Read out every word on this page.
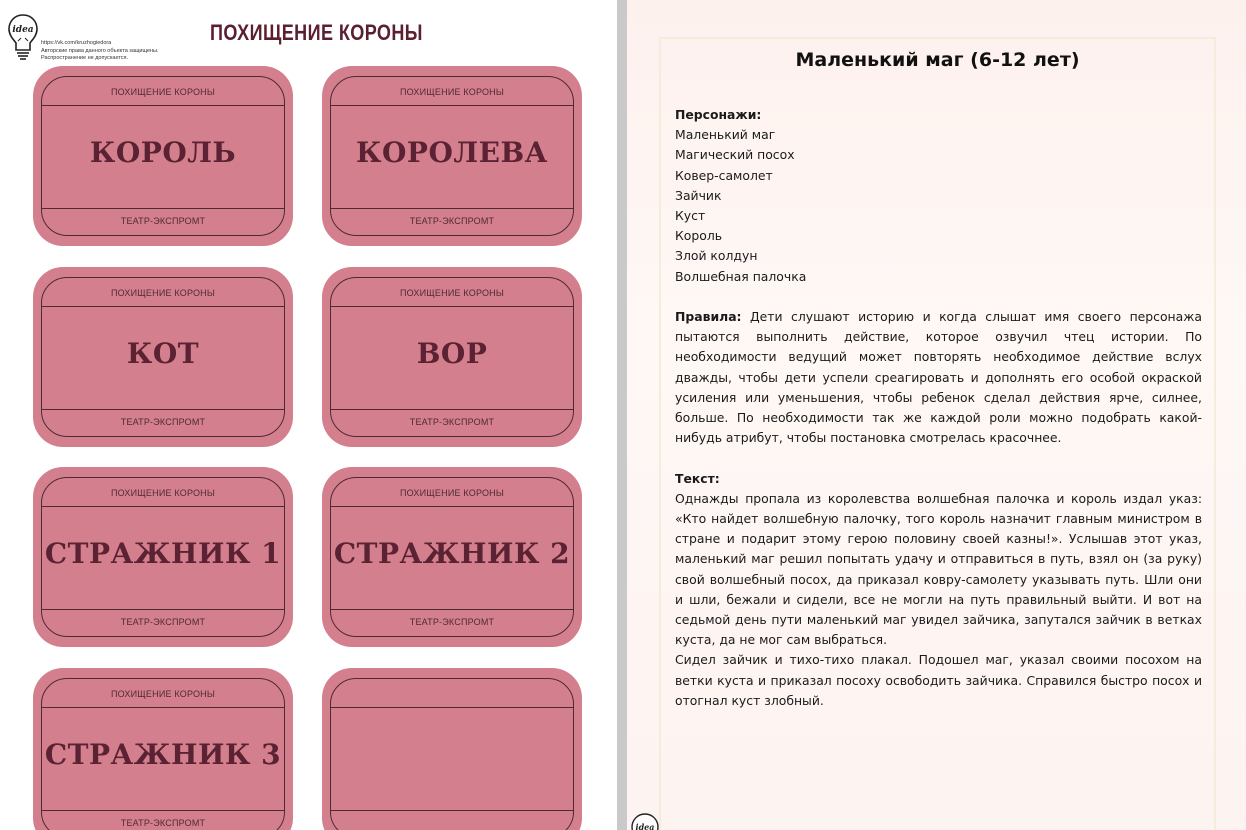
idea
https://vk.com/kruzhogiedora
Авторские права данного объекта защищены.
Распространение не допускается.
ПОХИЩЕНИЕ КОРОНЫ
ПОХИЩЕНИЕ КОРОНЫ
КОРОЛЬ
ТЕАТР-ЭКСПРОМТ
ПОХИЩЕНИЕ КОРОНЫ
КОРОЛЕВА
ТЕАТР-ЭКСПРОМТ
ПОХИЩЕНИЕ КОРОНЫ
КОТ
ТЕАТР-ЭКСПРОМТ
ПОХИЩЕНИЕ КОРОНЫ
ВОР
ТЕАТР-ЭКСПРОМТ
ПОХИЩЕНИЕ КОРОНЫ
СТРАЖНИК 1
ТЕАТР-ЭКСПРОМТ
ПОХИЩЕНИЕ КОРОНЫ
СТРАЖНИК 2
ТЕАТР-ЭКСПРОМТ
ПОХИЩЕНИЕ КОРОНЫ
СТРАЖНИК 3
ТЕАТР-ЭКСПРОМТ
Маленький маг (6-12 лет)
Персонажи:
Маленький маг
Магический посох
Ковер-самолет
Зайчик
Куст
Король
Злой колдун
Волшебная палочка
Правила: Дети слушают историю и когда слышат имя своего персонажа пытаются выполнить действие, которое озвучил чтец истории. По необходимости ведущий может повторять необходимое действие вслух дважды, чтобы дети успели среагировать и дополнять его особой окраской усиления или уменьшения, чтобы ребенок сделал действия ярче, силнее, больше. По необходимости так же каждой роли можно подобрать какой-нибудь атрибут, чтобы постановка смотрелась красочнее.
Текст:
Однажды пропала из королевства волшебная палочка и король издал указ: «Кто найдет волшебную палочку, того король назначит главным министром в стране и подарит этому герою половину своей казны!». Услышав этот указ, маленький маг решил попытать удачу и отправиться в путь, взял он (за руку) свой волшебный посох, да приказал ковру-самолету указывать путь. Шли они и шли, бежали и сидели, все не могли на путь правильный выйти. И вот на седьмой день пути маленький маг увидел зайчика, запутался зайчик в ветках куста, да не мог сам выбраться.
Сидел зайчик и тихо-тихо плакал. Подошел маг, указал своими посохом на ветки куста и приказал посоху освободить зайчика. Справился быстро посох и отогнал куст злобный.
idea
